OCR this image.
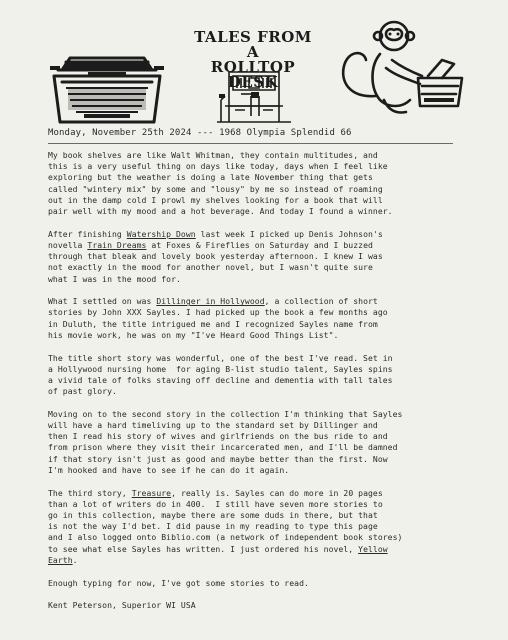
TALES FROM A
ROLLTOP DESK
Monday, November 25th 2024 --- 1968 Olympia Splendid 66

My book shelves are like Walt Whitman, they contain multitudes, and
this is a very useful thing on days like today, days when I feel like
exploring but the weather is doing a late November thing that gets
called "wintery mix" by some and "lousy" by me so instead of roaming
out in the damp cold I prowl my shelves looking for a book that will
pair well with my mood and a hot beverage. And today I found a winner.

After finishing Watership Down last week I picked up Denis Johnson's
novella Train Dreams at Foxes & Fireflies on Saturday and I buzzed
through that bleak and lovely book yesterday afternoon. I knew I was
not exactly in the mood for another novel, but I wasn't quite sure
what I was in the mood for.

What I settled on was Dillinger in Hollywood, a collection of short
stories by John XXX Sayles. I had picked up the book a few months ago
in Duluth, the title intrigued me and I recognized Sayles name from
his movie work, he was on my "I've Heard Good Things List".

The title short story was wonderful, one of the best I've read. Set in
a Hollywood nursing home  for aging B-list studio talent, Sayles spins
a vivid tale of folks staving off decline and dementia with tall tales
of past glory.

Moving on to the second story in the collection I'm thinking that Sayles
will have a hard timeliving up to the standard set by Dillinger and
then I read his story of wives and girlfriends on the bus ride to and
from prison where they visit their incarcerated men, and I'll be damned
if that story isn't just as good and maybe better than the first. Now
I'm hooked and have to see if he can do it again.

The third story, Treasure, really is. Sayles can do more in 20 pages
than a lot of writers do in 400.  I still have seven more stories to
go in this collection, maybe there are some duds in there, but that
is not the way I'd bet. I did pause in my reading to type this page
and I also logged onto Biblio.com (a network of independent book stores)
to see what else Sayles has written. I just ordered his novel, Yellow
Earth.

Enough typing for now, I've got some stories to read.

Kent Peterson, Superior WI USA
